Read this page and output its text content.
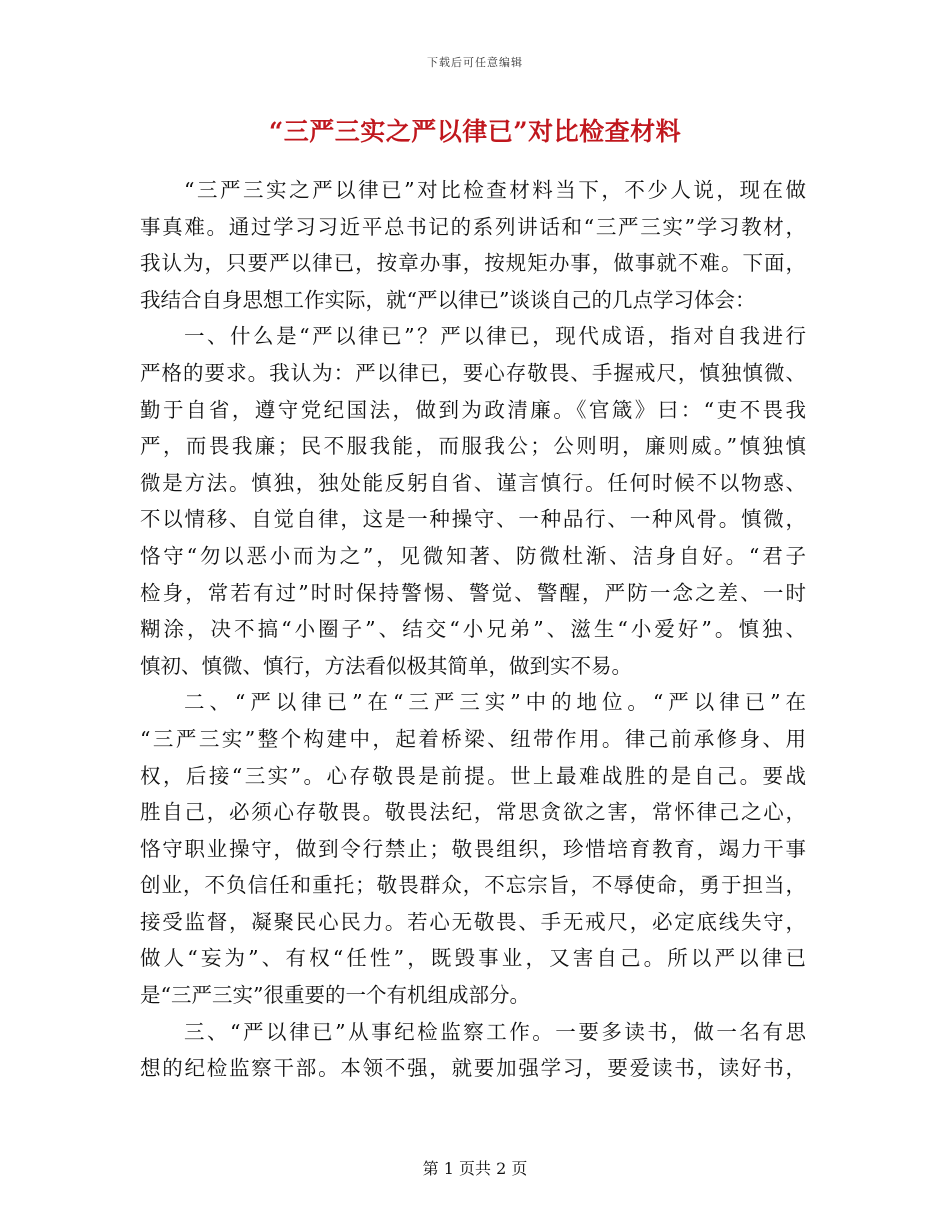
下载后可任意编辑
“三严三实之严以律已”对比检查材料
“三严三实之严以律已”对比检查材料当下，不少人说，现在做
事真难。通过学习习近平总书记的系列讲话和“三严三实”学习教材，
我认为，只要严以律已，按章办事，按规矩办事，做事就不难。下面，
我结合自身思想工作实际，就“严以律已”谈谈自己的几点学习体会：
一、什么是“严以律已”？严以律已，现代成语，指对自我进行
严格的要求。我认为：严以律已，要心存敬畏、手握戒尺，慎独慎微、
勤于自省，遵守党纪国法，做到为政清廉。《官箴》曰：“吏不畏我
严，而畏我廉；民不服我能，而服我公；公则明，廉则威。”慎独慎
微是方法。慎独，独处能反躬自省、谨言慎行。任何时候不以物惑、
不以情移、自觉自律，这是一种操守、一种品行、一种风骨。慎微，
恪守“勿以恶小而为之”，见微知著、防微杜渐、洁身自好。“君子
检身，常若有过”时时保持警惕、警觉、警醒，严防一念之差、一时
糊涂，决不搞“小圈子”、结交“小兄弟”、滋生“小爱好”。慎独、
慎初、慎微、慎行，方法看似极其简单，做到实不易。
二、“严以律已”在“三严三实”中的地位。“严以律已”在
“三严三实”整个构建中，起着桥梁、纽带作用。律己前承修身、用
权，后接“三实”。心存敬畏是前提。世上最难战胜的是自己。要战
胜自己，必须心存敬畏。敬畏法纪，常思贪欲之害，常怀律己之心，
恪守职业操守，做到令行禁止；敬畏组织，珍惜培育教育，竭力干事
创业，不负信任和重托；敬畏群众，不忘宗旨，不辱使命，勇于担当，
接受监督，凝聚民心民力。若心无敬畏、手无戒尺，必定底线失守，
做人“妄为”、有权“任性”，既毁事业，又害自己。所以严以律已
是“三严三实”很重要的一个有机组成部分。
三、“严以律已”从事纪检监察工作。一要多读书，做一名有思
想的纪检监察干部。本领不强，就要加强学习，要爱读书，读好书，
第 1 页共 2 页
